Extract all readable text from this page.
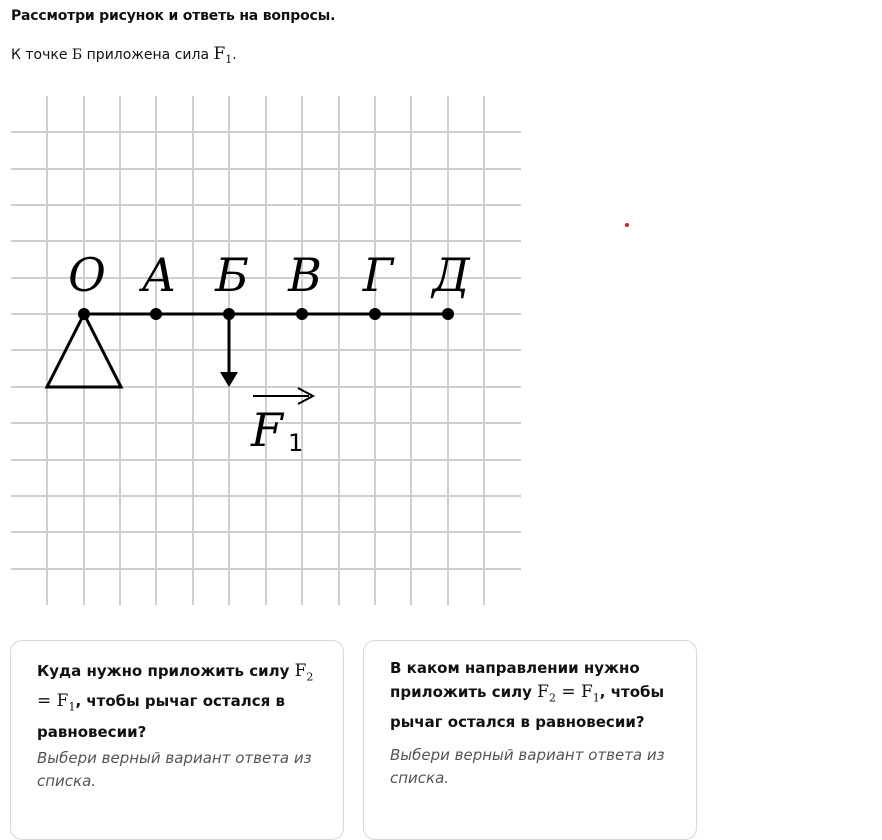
Рассмотри рисунок и ответь на вопросы.
К точке Б приложена сила $F_1$.
О А Б В Г Д
F 1
Куда нужно приложить силу $F_2 = F_1$, чтобы рычаг остался в равновесии?
Выбери верный вариант ответа из списка.
В каком направлении нужно приложить силу $F_2 = F_1$, чтобы рычаг остался в равновесии?
Выбери верный вариант ответа из списка.
